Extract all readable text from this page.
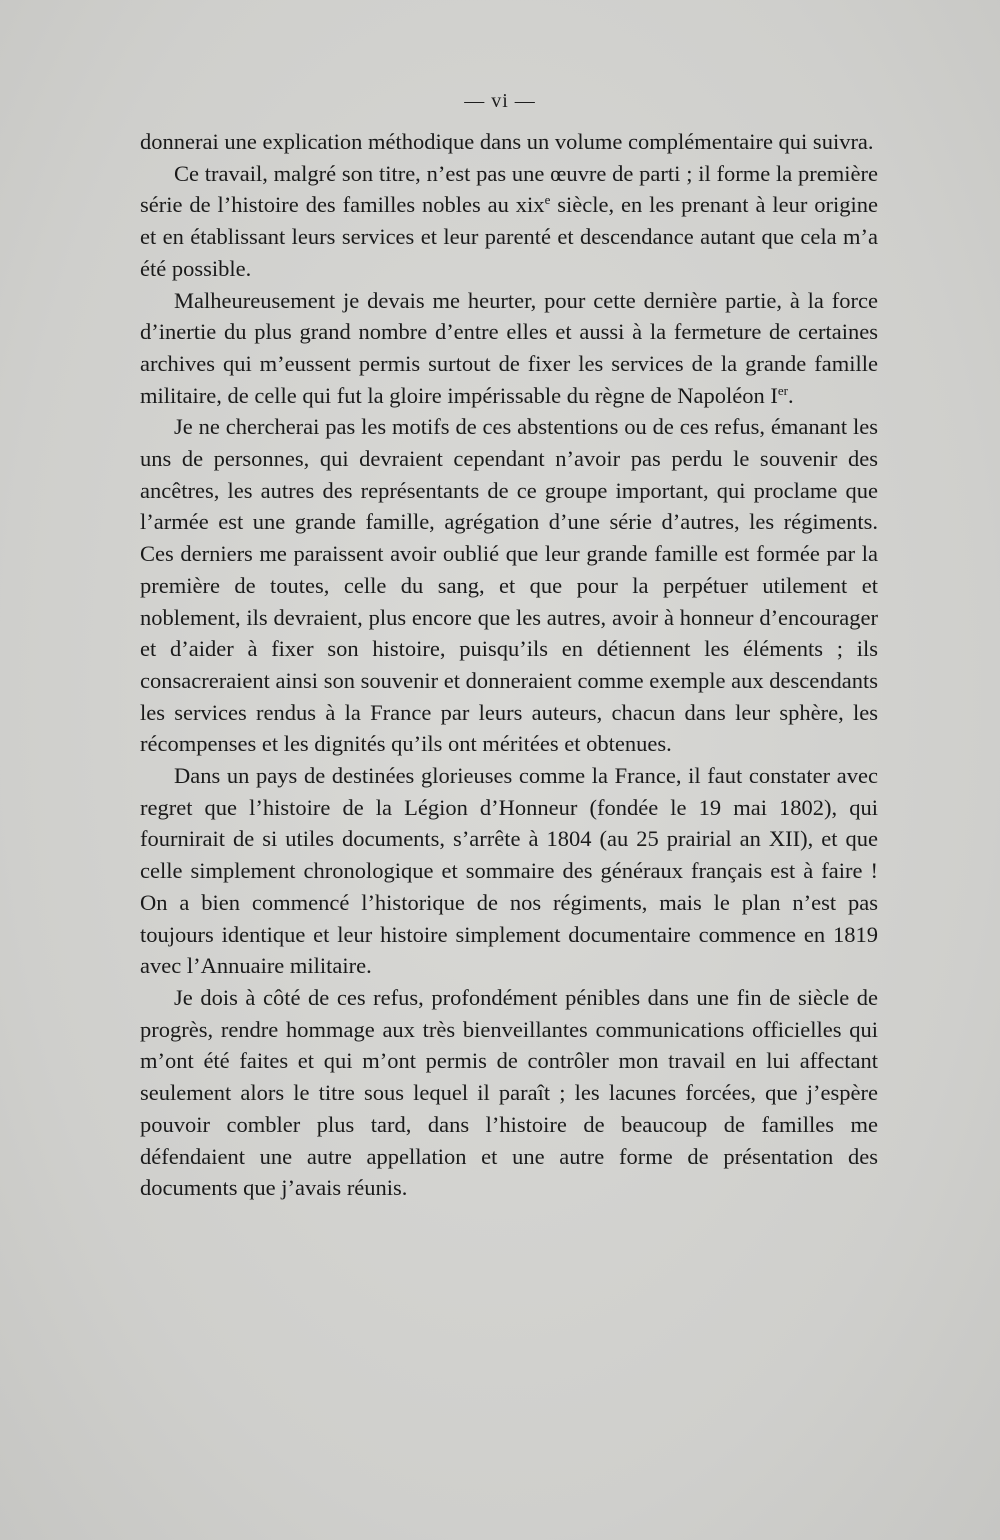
— vi —

donnerai une explication méthodique dans un volume complémentaire qui suivra.

Ce travail, malgré son titre, n’est pas une œuvre de parti ; il forme la première série de l’histoire des familles nobles au xix$^e$ siècle, en les prenant à leur origine et en établissant leurs services et leur parenté et descendance autant que cela m’a été possible.

Malheureusement je devais me heurter, pour cette dernière partie, à la force d’inertie du plus grand nombre d’entre elles et aussi à la fermeture de certaines archives qui m’eussent permis surtout de fixer les services de la grande famille militaire, de celle qui fut la gloire impérissable du règne de Napoléon Ier.

Je ne chercherai pas les motifs de ces abstentions ou de ces refus, émanant les uns de personnes, qui devraient cependant n’avoir pas perdu le souvenir des ancêtres, les autres des représentants de ce groupe important, qui proclame que l’armée est une grande famille, agrégation d’une série d’autres, les régiments. Ces derniers me paraissent avoir oublié que leur grande famille est formée par la première de toutes, celle du sang, et que pour la perpétuer utilement et noblement, ils devraient, plus encore que les autres, avoir à honneur d’encourager et d’aider à fixer son histoire, puisqu’ils en détiennent les éléments ; ils consacreraient ainsi son souvenir et donneraient comme exemple aux descendants les services rendus à la France par leurs auteurs, chacun dans leur sphère, les récompenses et les dignités qu’ils ont méritées et obtenues.

Dans un pays de destinées glorieuses comme la France, il faut constater avec regret que l’histoire de la Légion d’Honneur (fondée le 19 mai 1802), qui fournirait de si utiles documents, s’arrête à 1804 (au 25 prairial an XII), et que celle simplement chronologique et sommaire des généraux français est à faire ! On a bien commencé l’historique de nos régiments, mais le plan n’est pas toujours identique et leur histoire simplement documentaire commence en 1819 avec l’Annuaire militaire.

Je dois à côté de ces refus, profondément pénibles dans une fin de siècle de progrès, rendre hommage aux très bienveillantes communications officielles qui m’ont été faites et qui m’ont permis de contrôler mon travail en lui affectant seulement alors le titre sous lequel il paraît ; les lacunes forcées, que j’espère pouvoir combler plus tard, dans l’histoire de beaucoup de familles me défendaient une autre appellation et une autre forme de présentation des documents que j’avais réunis.
